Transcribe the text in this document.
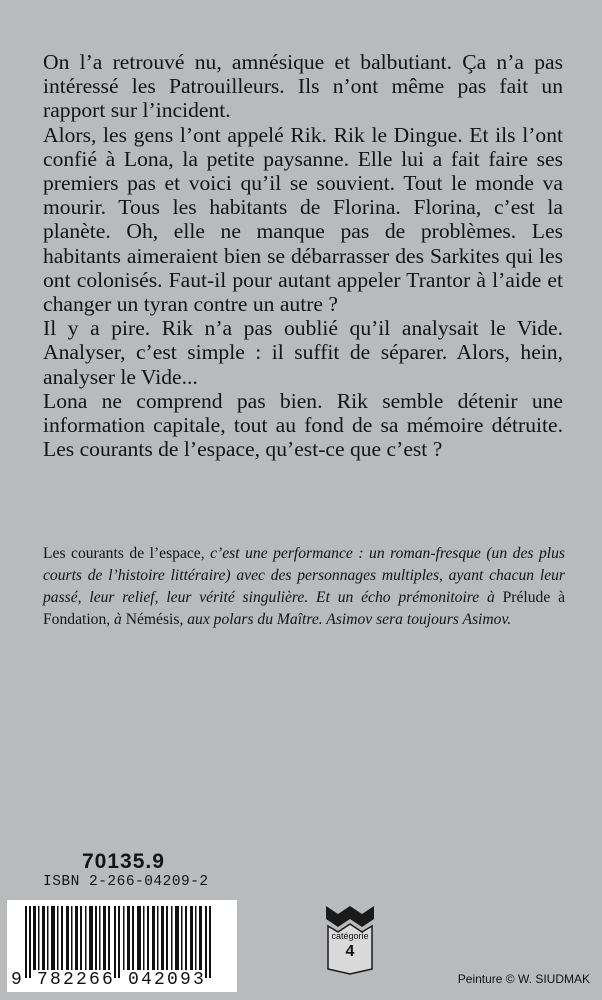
On l’a retrouvé nu, amnésique et balbutiant. Ça n’a pas intéressé les Patrouilleurs. Ils n’ont même pas fait un rapport sur l’incident.

Alors, les gens l’ont appelé Rik. Rik le Dingue. Et ils l’ont confié à Lona, la petite paysanne. Elle lui a fait faire ses premiers pas et voici qu’il se souvient. Tout le monde va mourir. Tous les habitants de Florina. Florina, c’est la planète. Oh, elle ne manque pas de problèmes. Les habitants aimeraient bien se débarrasser des Sarkites qui les ont colonisés. Faut-il pour autant appeler Trantor à l’aide et changer un tyran contre un autre ?

Il y a pire. Rik n’a pas oublié qu’il analysait le Vide. Analyser, c’est simple : il suffit de séparer. Alors, hein, analyser le Vide...

Lona ne comprend pas bien. Rik semble détenir une information capitale, tout au fond de sa mémoire détruite. Les courants de l’espace, qu’est-ce que c’est ?

Les courants de l’espace, c’est une performance : un roman-fresque (un des plus courts de l’histoire littéraire) avec des personnages multiples, ayant chacun leur passé, leur relief, leur vérité singulière. Et un écho prémonitoire à Prélude à Fondation, à Némésis, aux polars du Maître. Asimov sera toujours Asimov.

70135.9
ISBN 2-266-04209-2
9 782266 042093
catégorie
4
Peinture © W. SIUDMAK
